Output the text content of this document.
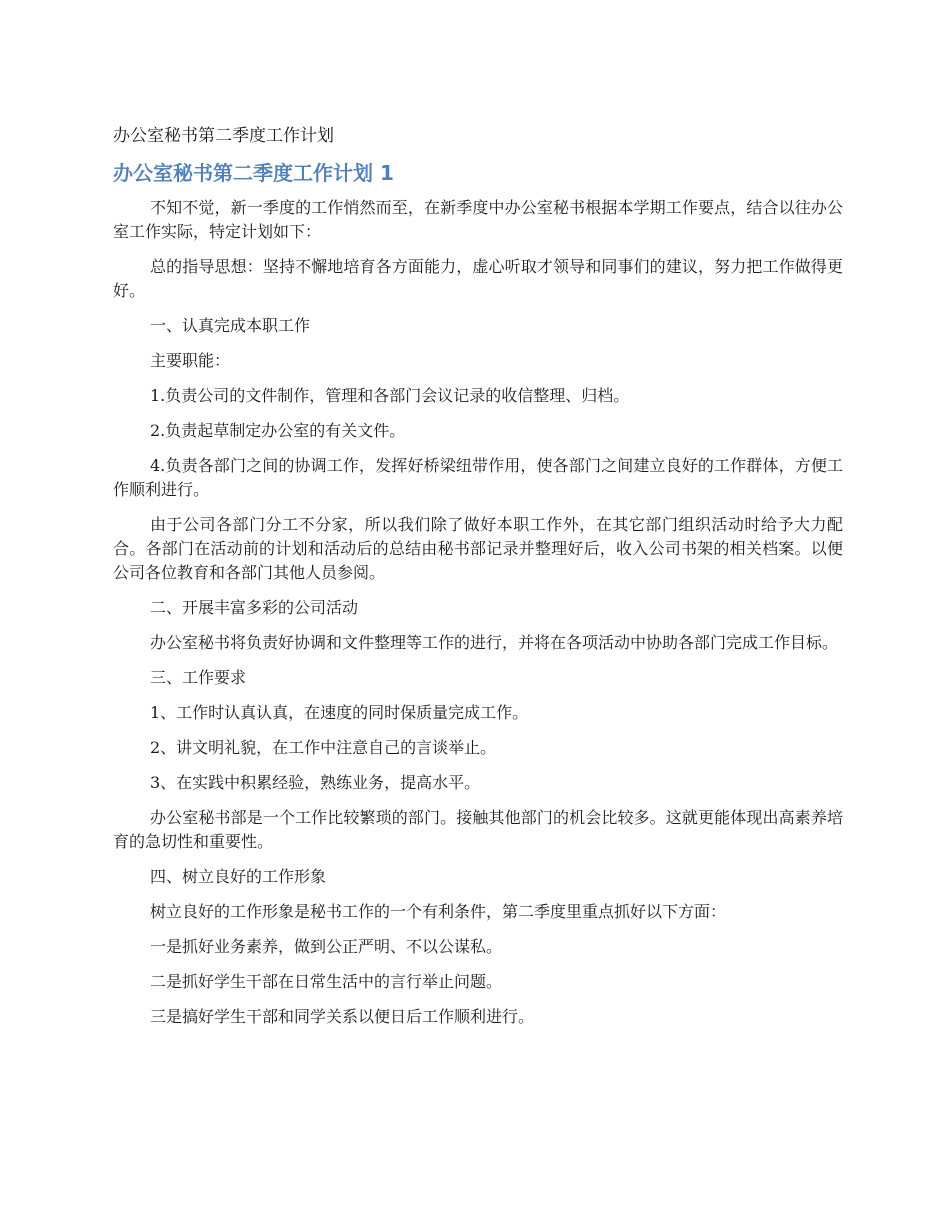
办公室秘书第二季度工作计划
办公室秘书第二季度工作计划 1

不知不觉，新一季度的工作悄然而至，在新季度中办公室秘书根据本学期工作要点，结合以往办公室工作实际，特定计划如下：

总的指导思想：坚持不懈地培育各方面能力，虚心听取才领导和同事们的建议，努力把工作做得更好。

一、认真完成本职工作

主要职能：

1.负责公司的文件制作，管理和各部门会议记录的收信整理、归档。

2.负责起草制定办公室的有关文件。

4.负责各部门之间的协调工作，发挥好桥梁纽带作用，使各部门之间建立良好的工作群体，方便工作顺利进行。

由于公司各部门分工不分家，所以我们除了做好本职工作外，在其它部门组织活动时给予大力配合。各部门在活动前的计划和活动后的总结由秘书部记录并整理好后，收入公司书架的相关档案。以便公司各位教育和各部门其他人员参阅。

二、开展丰富多彩的公司活动

办公室秘书将负责好协调和文件整理等工作的进行，并将在各项活动中协助各部门完成工作目标。

三、工作要求

1、工作时认真认真，在速度的同时保质量完成工作。

2、讲文明礼貌，在工作中注意自己的言谈举止。

3、在实践中积累经验，熟练业务，提高水平。

办公室秘书部是一个工作比较繁琐的部门。接触其他部门的机会比较多。这就更能体现出高素养培育的急切性和重要性。

四、树立良好的工作形象

树立良好的工作形象是秘书工作的一个有利条件，第二季度里重点抓好以下方面：

一是抓好业务素养，做到公正严明、不以公谋私。

二是抓好学生干部在日常生活中的言行举止问题。

三是搞好学生干部和同学关系以便日后工作顺利进行。
